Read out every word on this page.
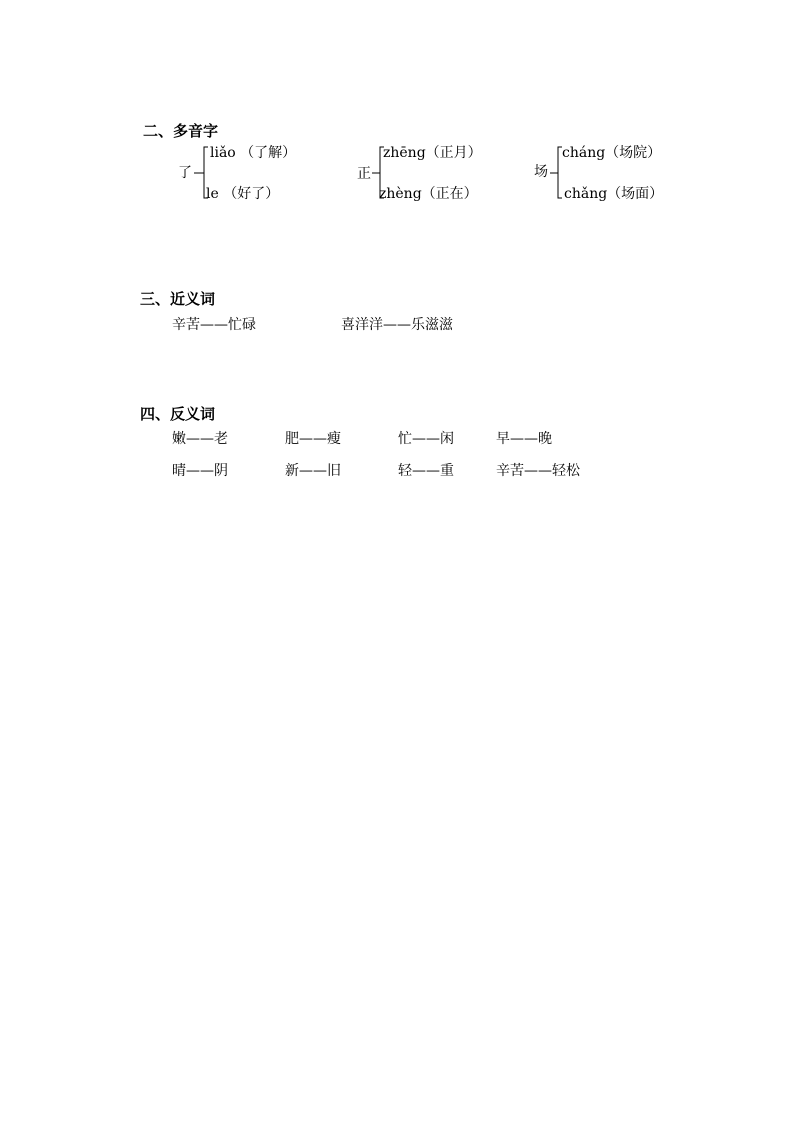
二、多音字
了
liǎo （了解）
le （好了）
正
zhēng（正月）
zhèng（正在）
场
cháng（场院）
chǎng（场面）
三、近义词
辛苦——忙碌	喜洋洋——乐滋滋
四、反义词
嫩——老	肥——瘦	忙——闲	早——晚
晴——阴	新——旧	轻——重	辛苦——轻松
